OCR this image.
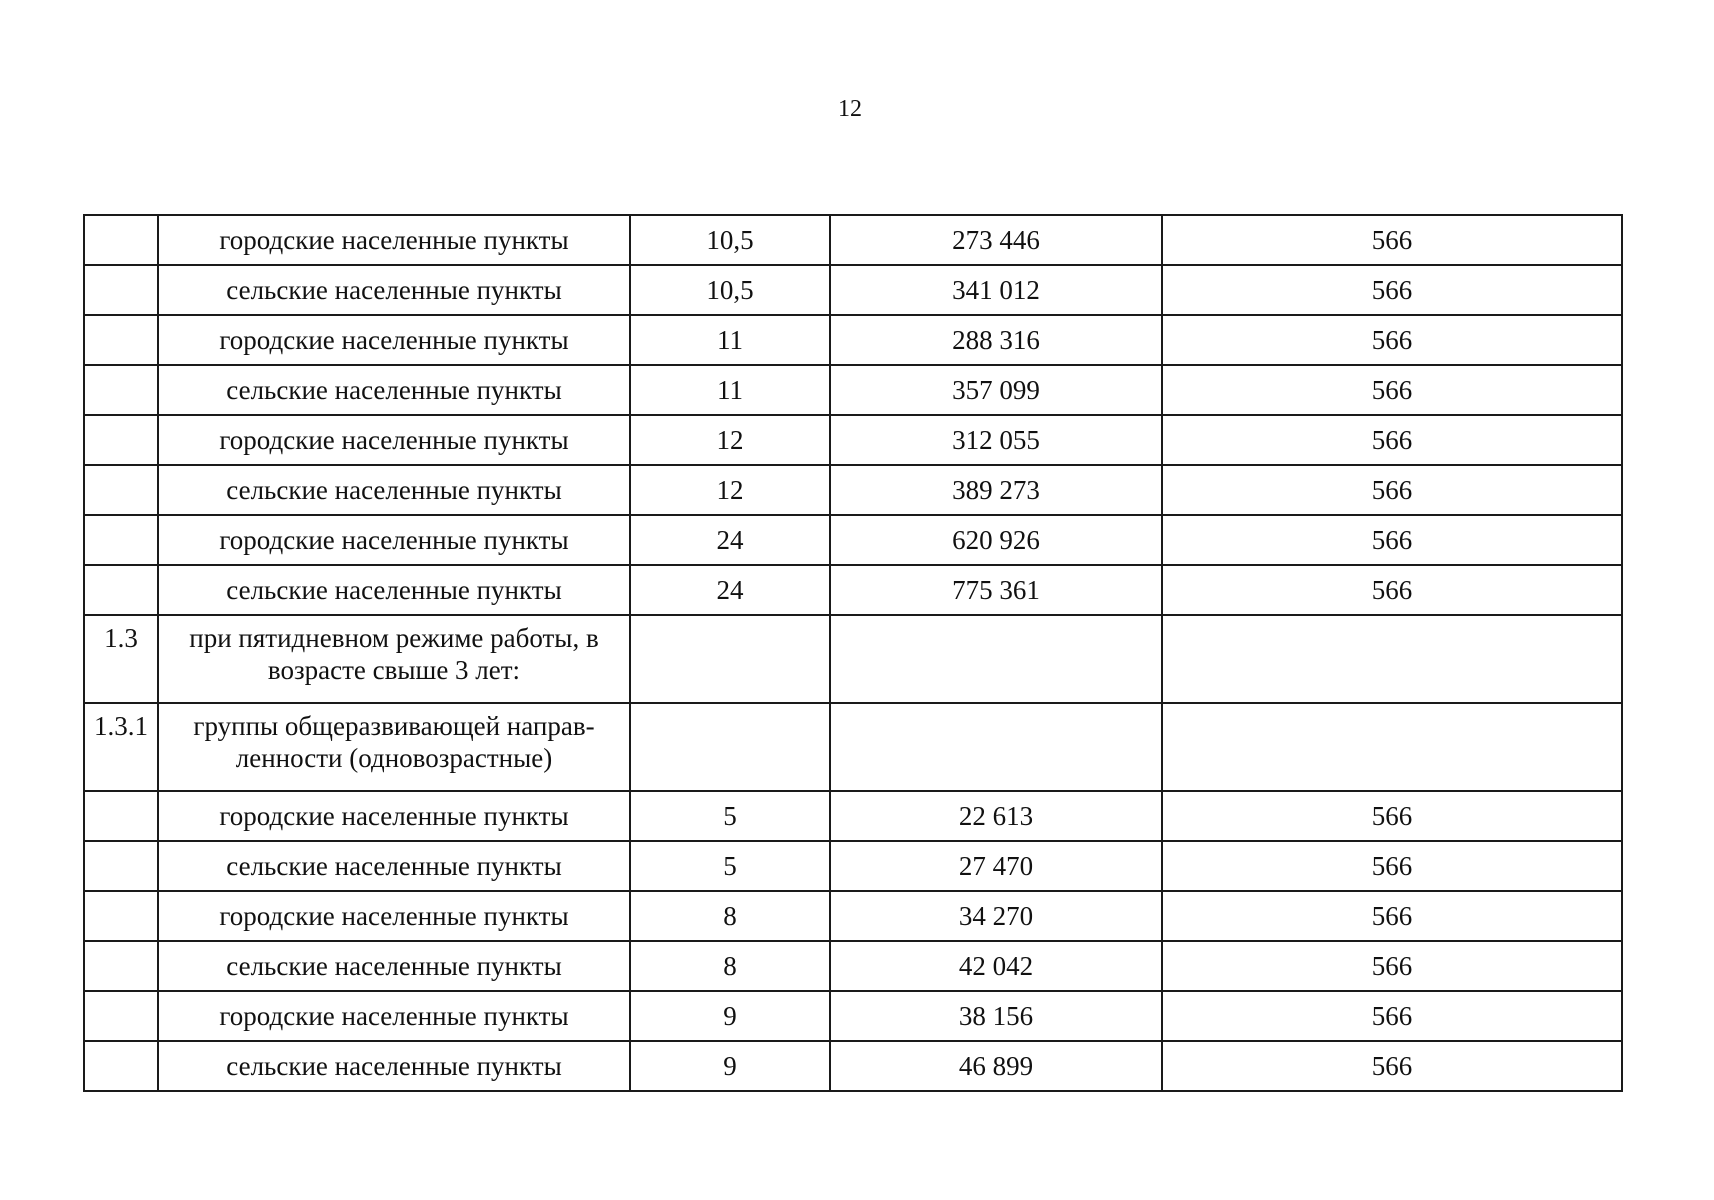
12
	городские населенные пункты	10,5	273 446	566
	сельские населенные пункты	10,5	341 012	566
	городские населенные пункты	11	288 316	566
	сельские населенные пункты	11	357 099	566
	городские населенные пункты	12	312 055	566
	сельские населенные пункты	12	389 273	566
	городские населенные пункты	24	620 926	566
	сельские населенные пункты	24	775 361	566
1.3	при пятидневном режиме работы, в возрасте свыше 3 лет:			
1.3.1	группы общеразвивающей направ-ленности (одновозрастные)			
	городские населенные пункты	5	22 613	566
	сельские населенные пункты	5	27 470	566
	городские населенные пункты	8	34 270	566
	сельские населенные пункты	8	42 042	566
	городские населенные пункты	9	38 156	566
	сельские населенные пункты	9	46 899	566
